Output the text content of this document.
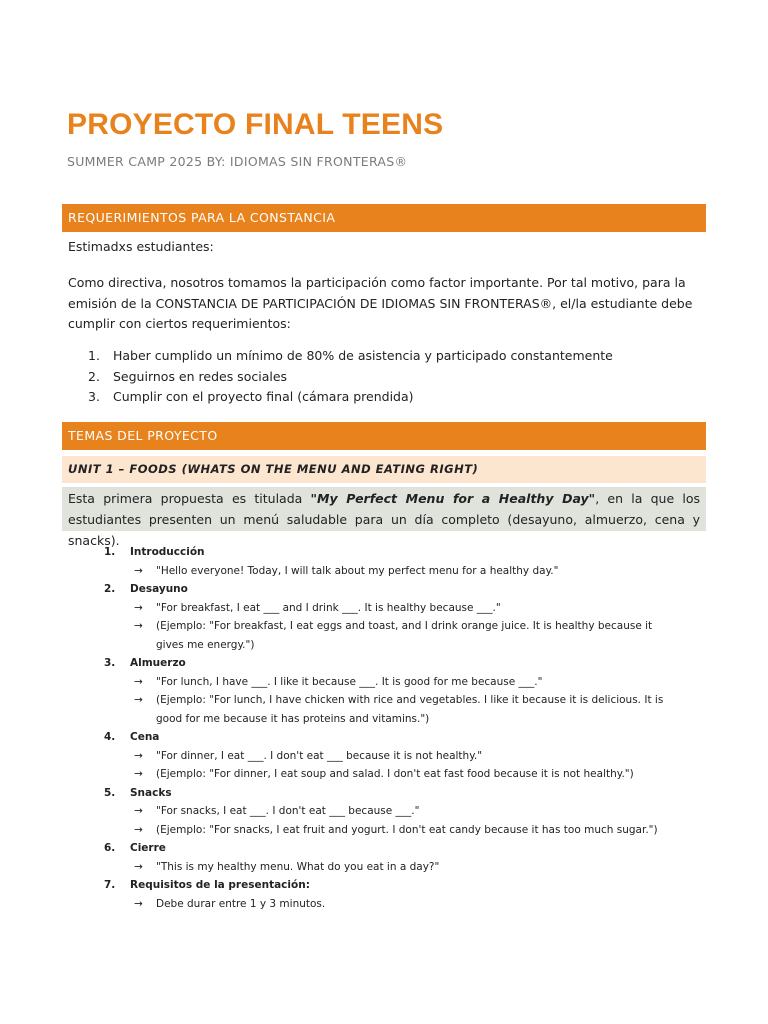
PROYECTO FINAL TEENS

SUMMER CAMP 2025 BY: IDIOMAS SIN FRONTERAS®

REQUERIMIENTOS PARA LA CONSTANCIA

Estimadxs estudiantes:

Como directiva, nosotros tomamos la participación como factor importante. Por tal motivo, para la emisión de la CONSTANCIA DE PARTICIPACIÓN DE IDIOMAS SIN FRONTERAS®, el/la estudiante debe cumplir con ciertos requerimientos:

1. Haber cumplido un mínimo de 80% de asistencia y participado constantemente
2. Seguirnos en redes sociales
3. Cumplir con el proyecto final (cámara prendida)
TEMAS DEL PROYECTO
UNIT 1 – FOODS (WHATS ON THE MENU AND EATING RIGHT)
Esta primera propuesta es titulada "My Perfect Menu for a Healthy Day", en la que los estudiantes presenten un menú saludable para un día completo (desayuno, almuerzo, cena y snacks).
1. Introducción
→ "Hello everyone! Today, I will talk about my perfect menu for a healthy day."
2. Desayuno
→ "For breakfast, I eat ___ and I drink ___. It is healthy because ___."
→ (Ejemplo: "For breakfast, I eat eggs and toast, and I drink orange juice. It is healthy because it gives me energy.")
3. Almuerzo
→ "For lunch, I have ___. I like it because ___. It is good for me because ___."
→ (Ejemplo: "For lunch, I have chicken with rice and vegetables. I like it because it is delicious. It is good for me because it has proteins and vitamins.")
4. Cena
→ "For dinner, I eat ___. I don't eat ___ because it is not healthy."
→ (Ejemplo: "For dinner, I eat soup and salad. I don't eat fast food because it is not healthy.")
5. Snacks
→ "For snacks, I eat ___. I don't eat ___ because ___."
→ (Ejemplo: "For snacks, I eat fruit and yogurt. I don't eat candy because it has too much sugar.")
6. Cierre
→ "This is my healthy menu. What do you eat in a day?"
7. Requisitos de la presentación:
→ Debe durar entre 1 y 3 minutos.
